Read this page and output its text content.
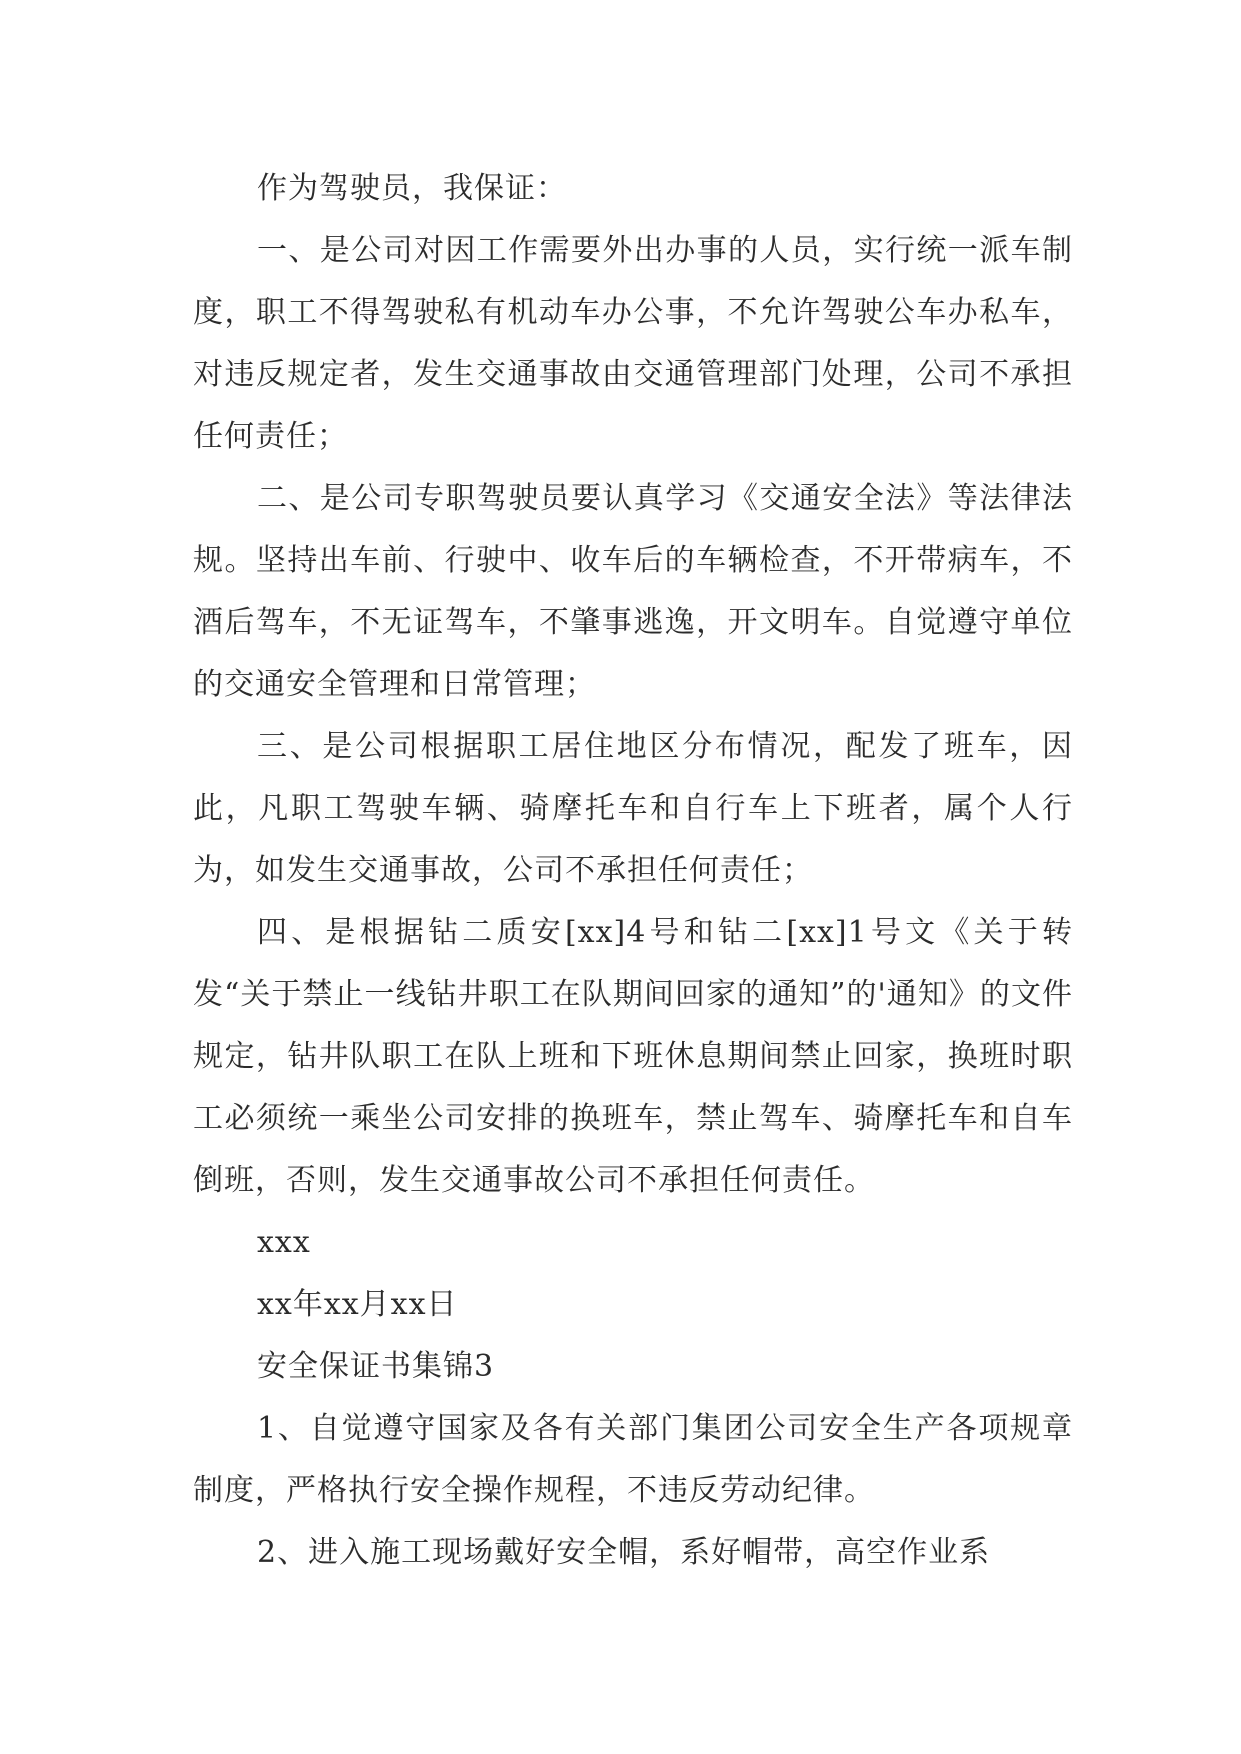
作为驾驶员，我保证：

一、是公司对因工作需要外出办事的人员，实行统一派车制度，职工不得驾驶私有机动车办公事，不允许驾驶公车办私车，对违反规定者，发生交通事故由交通管理部门处理，公司不承担任何责任；

二、是公司专职驾驶员要认真学习《交通安全法》等法律法规。坚持出车前、行驶中、收车后的车辆检查，不开带病车，不酒后驾车，不无证驾车，不肇事逃逸，开文明车。自觉遵守单位的交通安全管理和日常管理；

三、是公司根据职工居住地区分布情况，配发了班车，因此，凡职工驾驶车辆、骑摩托车和自行车上下班者，属个人行为，如发生交通事故，公司不承担任何责任；

四、是根据钻二质安[xx]4号和钻二[xx]1号文《关于转发“关于禁止一线钻井职工在队期间回家的通知”的'通知》的文件规定，钻井队职工在队上班和下班休息期间禁止回家，换班时职工必须统一乘坐公司安排的换班车，禁止驾车、骑摩托车和自车倒班，否则，发生交通事故公司不承担任何责任。

xxx

xx年xx月xx日

安全保证书集锦3

1、自觉遵守国家及各有关部门集团公司安全生产各项规章制度，严格执行安全操作规程，不违反劳动纪律。

2、进入施工现场戴好安全帽，系好帽带，高空作业系
